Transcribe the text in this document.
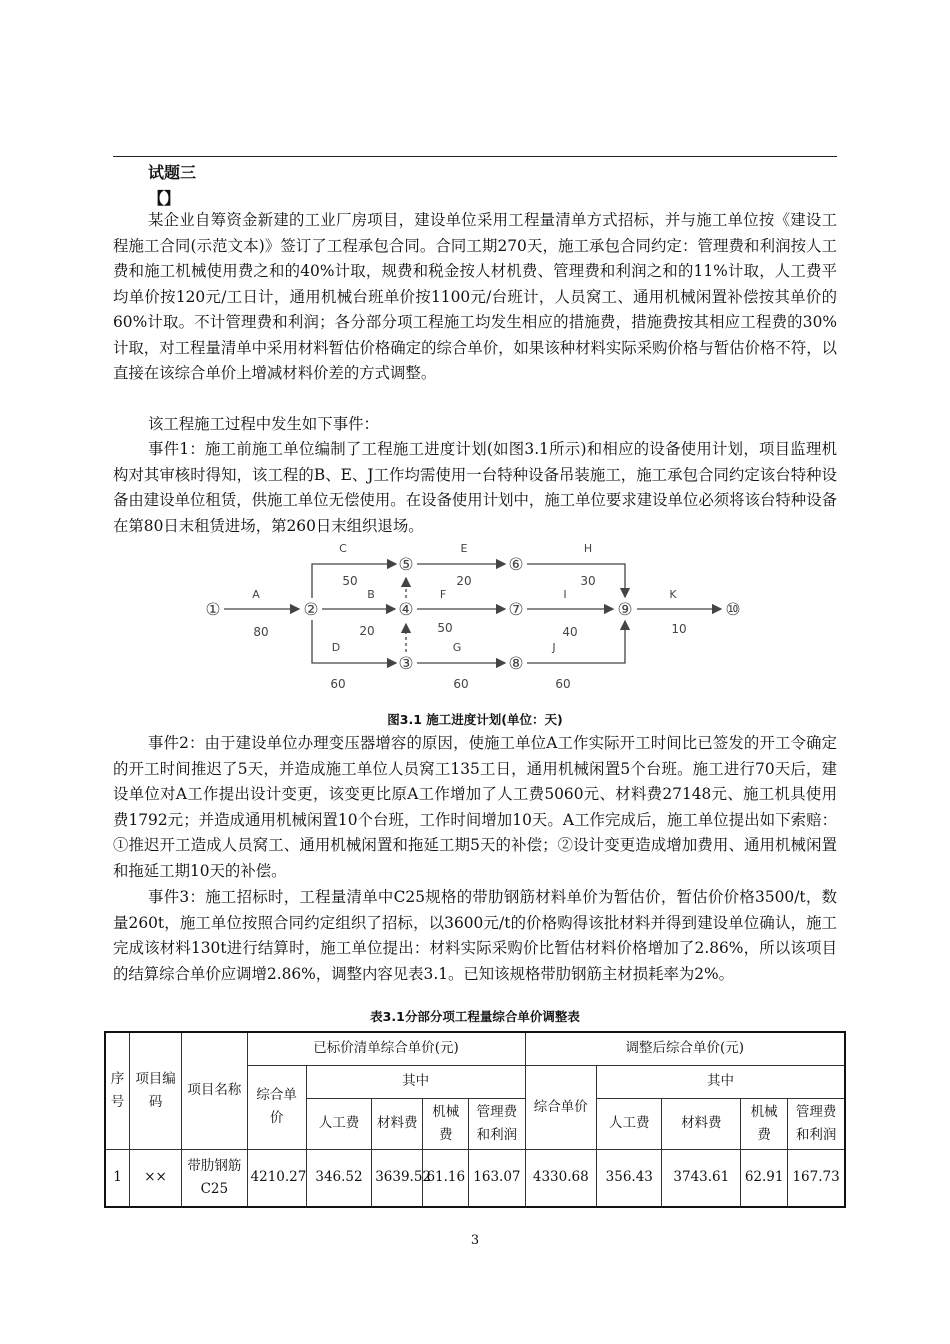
试题三
【】

某企业自筹资金新建的工业厂房项目，建设单位采用工程量清单方式招标，并与施工单位按《建设工程施工合同(示范文本)》签订了工程承包合同。合同工期270天，施工承包合同约定：管理费和利润按人工费和施工机械使用费之和的40%计取，规费和税金按人材机费、管理费和利润之和的11%计取，人工费平均单价按120元/工日计，通用机械台班单价按1100元/台班计，人员窝工、通用机械闲置补偿按其单价的60%计取。不计管理费和利润；各分部分项工程施工均发生相应的措施费，措施费按其相应工程费的30%计取，对工程量清单中采用材料暂估价格确定的综合单价，如果该种材料实际采购价格与暂估价格不符，以直接在该综合单价上增减材料价差的方式调整。

该工程施工过程中发生如下事件：

事件1：施工前施工单位编制了工程施工进度计划(如图3.1所示)和相应的设备使用计划，项目监理机构对其审核时得知，该工程的B、E、J工作均需使用一台特种设备吊装施工，施工承包合同约定该台特种设备由建设单位租赁，供施工单位无偿使用。在设备使用计划中，施工单位要求建设单位必须将该台特种设备在第80日末租赁进场，第260日末组织退场。

①	②
③
④
⑤	⑥
⑦
⑧
⑨	⑩
A	B
C
D
E
F
G
H
I
J
K
80	20
50
60
20
50
60
30
40
60
10
图3.1 施工进度计划(单位：天)

事件2：由于建设单位办理变压器增容的原因，使施工单位A工作实际开工时间比已签发的开工令确定的开工时间推迟了5天，并造成施工单位人员窝工135工日，通用机械闲置5个台班。施工进行70天后，建设单位对A工作提出设计变更，该变更比原A工作增加了人工费5060元、材料费27148元、施工机具使用费1792元；并造成通用机械闲置10个台班，工作时间增加10天。A工作完成后，施工单位提出如下索赔：①推迟开工造成人员窝工、通用机械闲置和拖延工期5天的补偿；②设计变更造成增加费用、通用机械闲置和拖延工期10天的补偿。

事件3：施工招标时，工程量清单中C25规格的带肋钢筋材料单价为暂估价，暂估价价格3500/t，数量260t，施工单位按照合同约定组织了招标，以3600元/t的价格购得该批材料并得到建设单位确认，施工完成该材料130t进行结算时，施工单位提出：材料实际采购价比暂估材料价格增加了2.86%，所以该项目的结算综合单价应调增2.86%，调整内容见表3.1。已知该规格带肋钢筋主材损耗率为2%。

表3.1分部分项工程量综合单价调整表
序号	项目编码	项目名称	已标价清单综合单价(元)					调整后综合单价(元)				
			综合单价	其中				综合单价	其中			
				人工费	材料费	机械费	管理费和利润		人工费	材料费	机械费	管理费和利润
1	××	带肋钢筋C25	4210.27	346.52	3639.52	61.16	163.07	4330.68	356.43	3743.61	62.91	167.73
3
